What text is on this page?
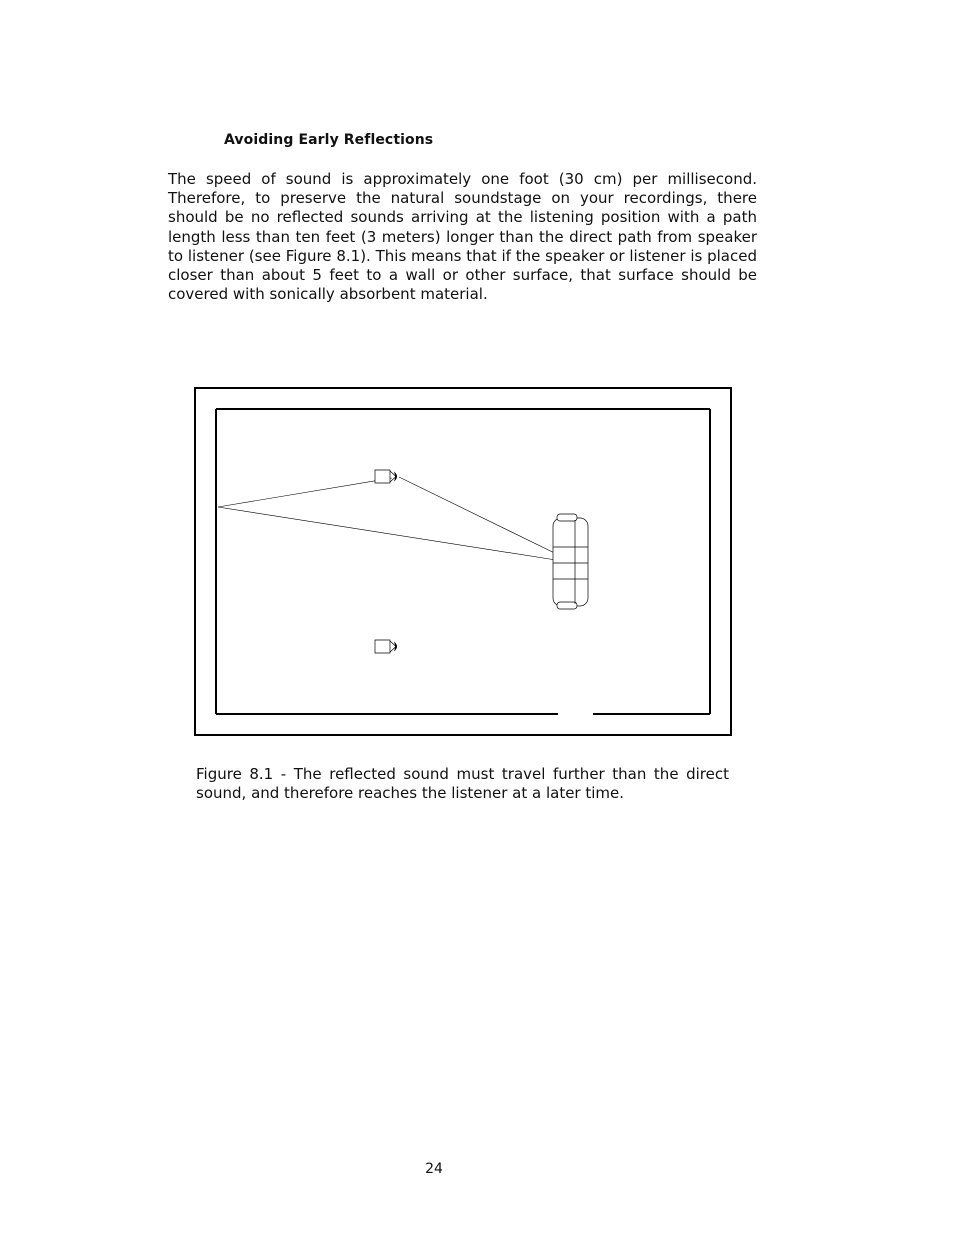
Avoiding Early Reflections
The speed of sound is approximately one foot (30 cm) per millisecond. Therefore, to preserve the natural soundstage on your recordings, there should be no reflected sounds arriving at the listening position with a path length less than ten feet (3 meters) longer than the direct path from speaker to listener (see Figure 8.1). This means that if the speaker or listener is placed closer than about 5 feet to a wall or other surface, that surface should be covered with sonically absorbent material.
Figure 8.1 - The reflected sound must travel further than the direct sound, and therefore reaches the listener at a later time.
24
